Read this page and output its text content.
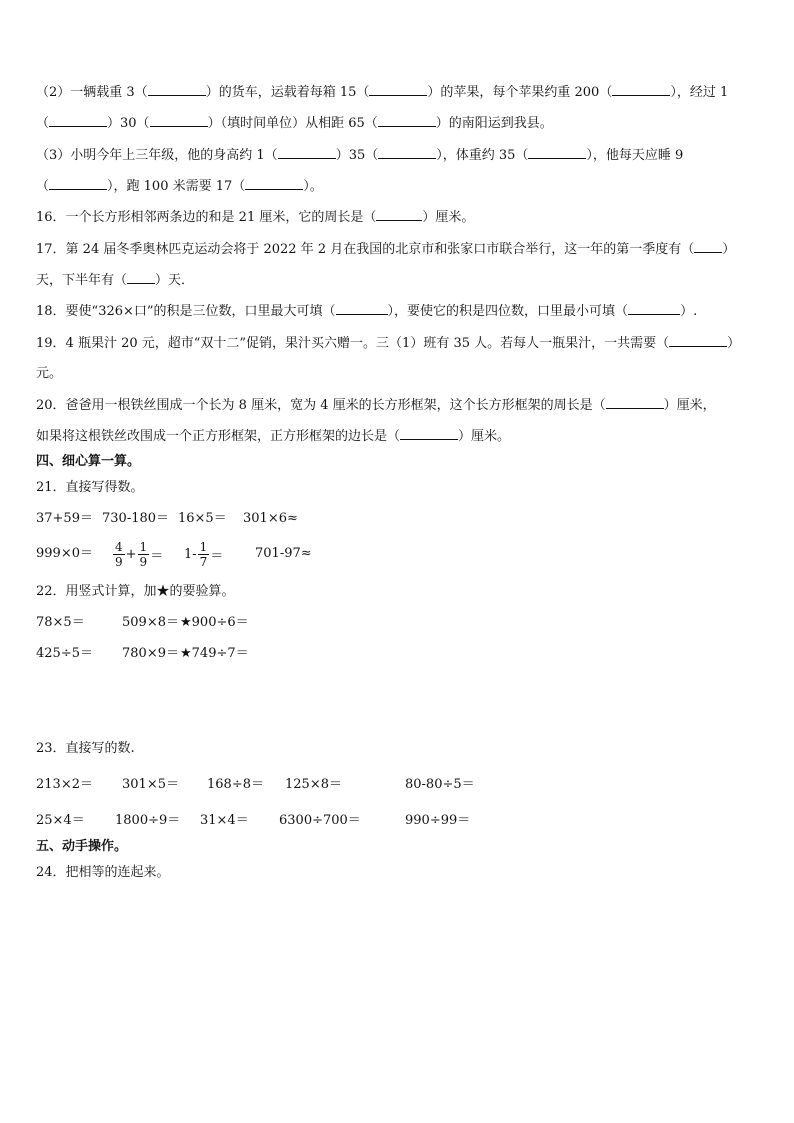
（2）一辆载重 3（	）的货车，运载着每箱 15（	）的苹果，每个苹果约重 200（	），经过 1
（	）30（	）（填时间单位）从相距 65（	）的南阳运到我县。
（3）小明今年上三年级，他的身高约 1（	）35（	），体重约 35（	），他每天应睡 9
（	），跑 100 米需要 17（	）。
16．一个长方形相邻两条边的和是 21 厘米，它的周长是（	）厘米。
17．第 24 届冬季奥林匹克运动会将于 2022 年 2 月在我国的北京市和张家口市联合举行，这一年的第一季度有（ ）
天，下半年有（ ）天．
18．要使“326×口”的积是三位数，口里最大可填（	），要使它的积是四位数，口里最小可填（	）.
19．4 瓶果汁 20 元，超市“双十二”促销，果汁买六赠一。三（1）班有 35 人。若每人一瓶果汁，一共需要（	）
元。
20．爸爸用一根铁丝围成一个长为 8 厘米，宽为 4 厘米的长方形框架，这个长方形框架的周长是（	）厘米，
如果将这根铁丝改围成一个正方形框架，正方形框架的边长是（	）厘米。
四、细心算一算。
21．直接写得数。
37+59＝ 730-180＝ 16×5＝ 301×6≈
$999\times 0= \frac{4}{9} + \frac{1}{9} = 1- \frac{1}{7} = 701-97\approx$
22．用竖式计算，加★的要验算。
78×5＝	509×8＝ ★900÷6＝
425÷5＝ 780×9＝ ★749÷7＝
23．直接写的数.
213×2＝ 301×5＝ 168÷8＝ 125×8＝	80-80÷5＝
25×4＝ 1800÷9＝ 31×4＝ 6300÷700＝	990÷99＝
五、动手操作。
24．把相等的连起来。
